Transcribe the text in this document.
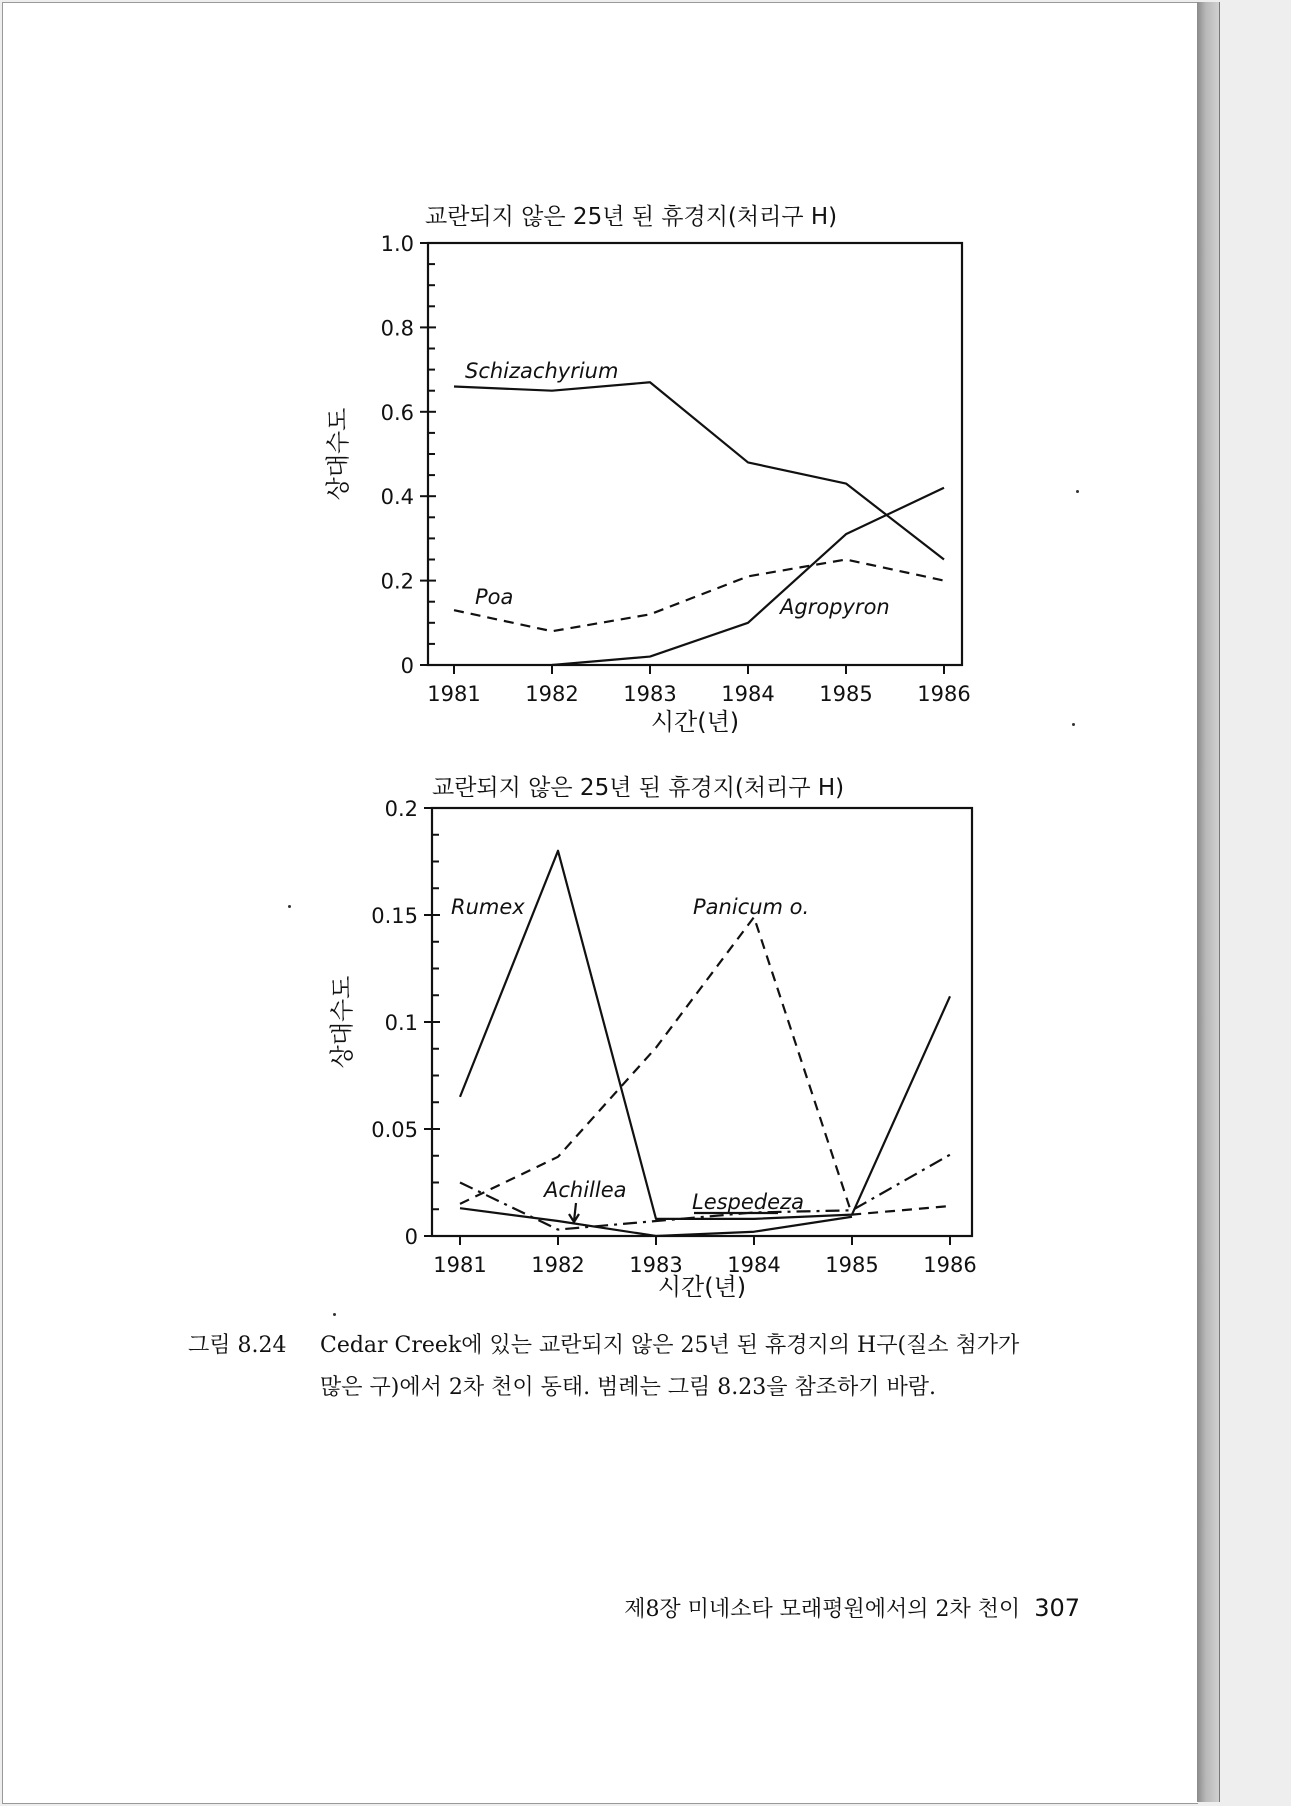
교란되지 않은 25년 된 휴경지(처리구 H)
0
0.2
0.4
0.6
0.8
1.0
1981 1982 1983 1984 1985 1986
시간(년)
상대수도
Schizachyrium
Poa	Agropyron
교란되지 않은 25년 된 휴경지(처리구 H)
0
0.05
0.1
0.15
0.2
1981 1982 1983 1984 1985 1986
시간(년)
상대수도
Rumex	Panicum o.
Achillea	Lespedeza
그림 8.24	Cedar Creek에 있는 교란되지 않은 25년 된 휴경지의 H구(질소 첨가가
많은 구)에서 2차 천이 동태. 범례는 그림 8.23을 참조하기 바람.
제8장 미네소타 모래평원에서의 2차 천이 307
